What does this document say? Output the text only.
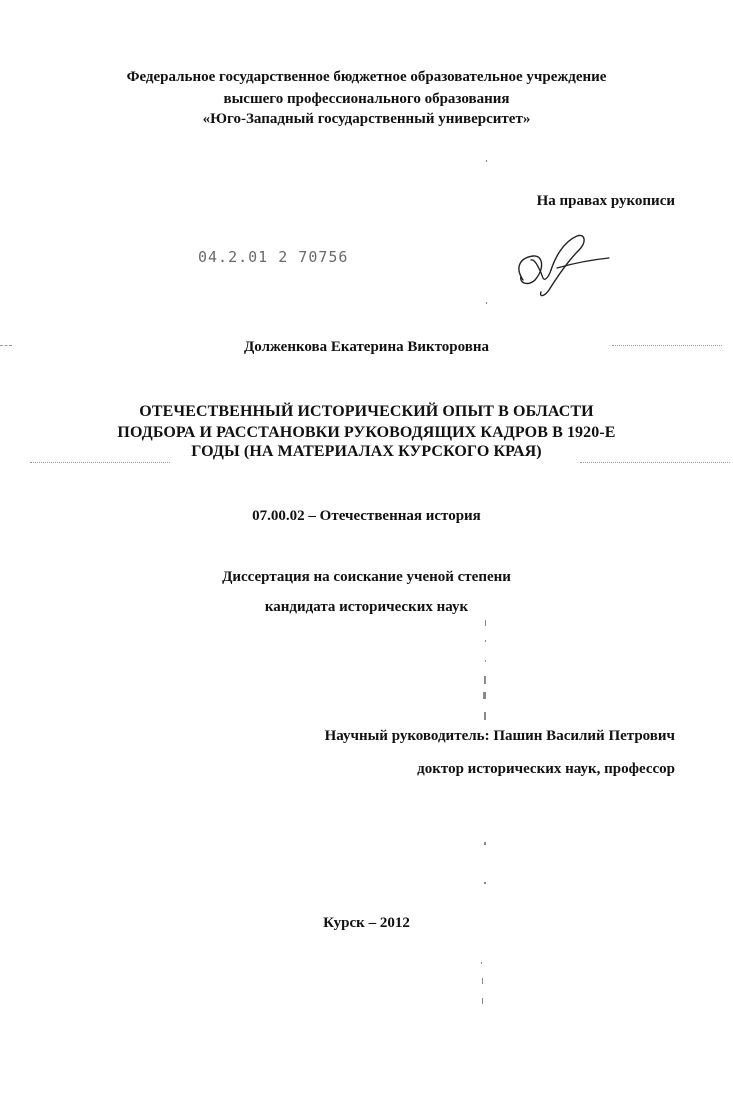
Федеральное государственное бюджетное образовательное учреждение
высшего профессионального образования
«Юго-Западный государственный университет»
На правах рукописи
04.2.01 2 70756
Долженкова Екатерина Викторовна
ОТЕЧЕСТВЕННЫЙ ИСТОРИЧЕСКИЙ ОПЫТ В ОБЛАСТИ
ПОДБОРА И РАССТАНОВКИ РУКОВОДЯЩИХ КАДРОВ В 1920-Е
ГОДЫ (НА МАТЕРИАЛАХ КУРСКОГО КРАЯ)
07.00.02 – Отечественная история
Диссертация на соискание ученой степени
кандидата исторических наук
Научный руководитель: Пашин Василий Петрович
доктор исторических наук, профессор
Курск – 2012
